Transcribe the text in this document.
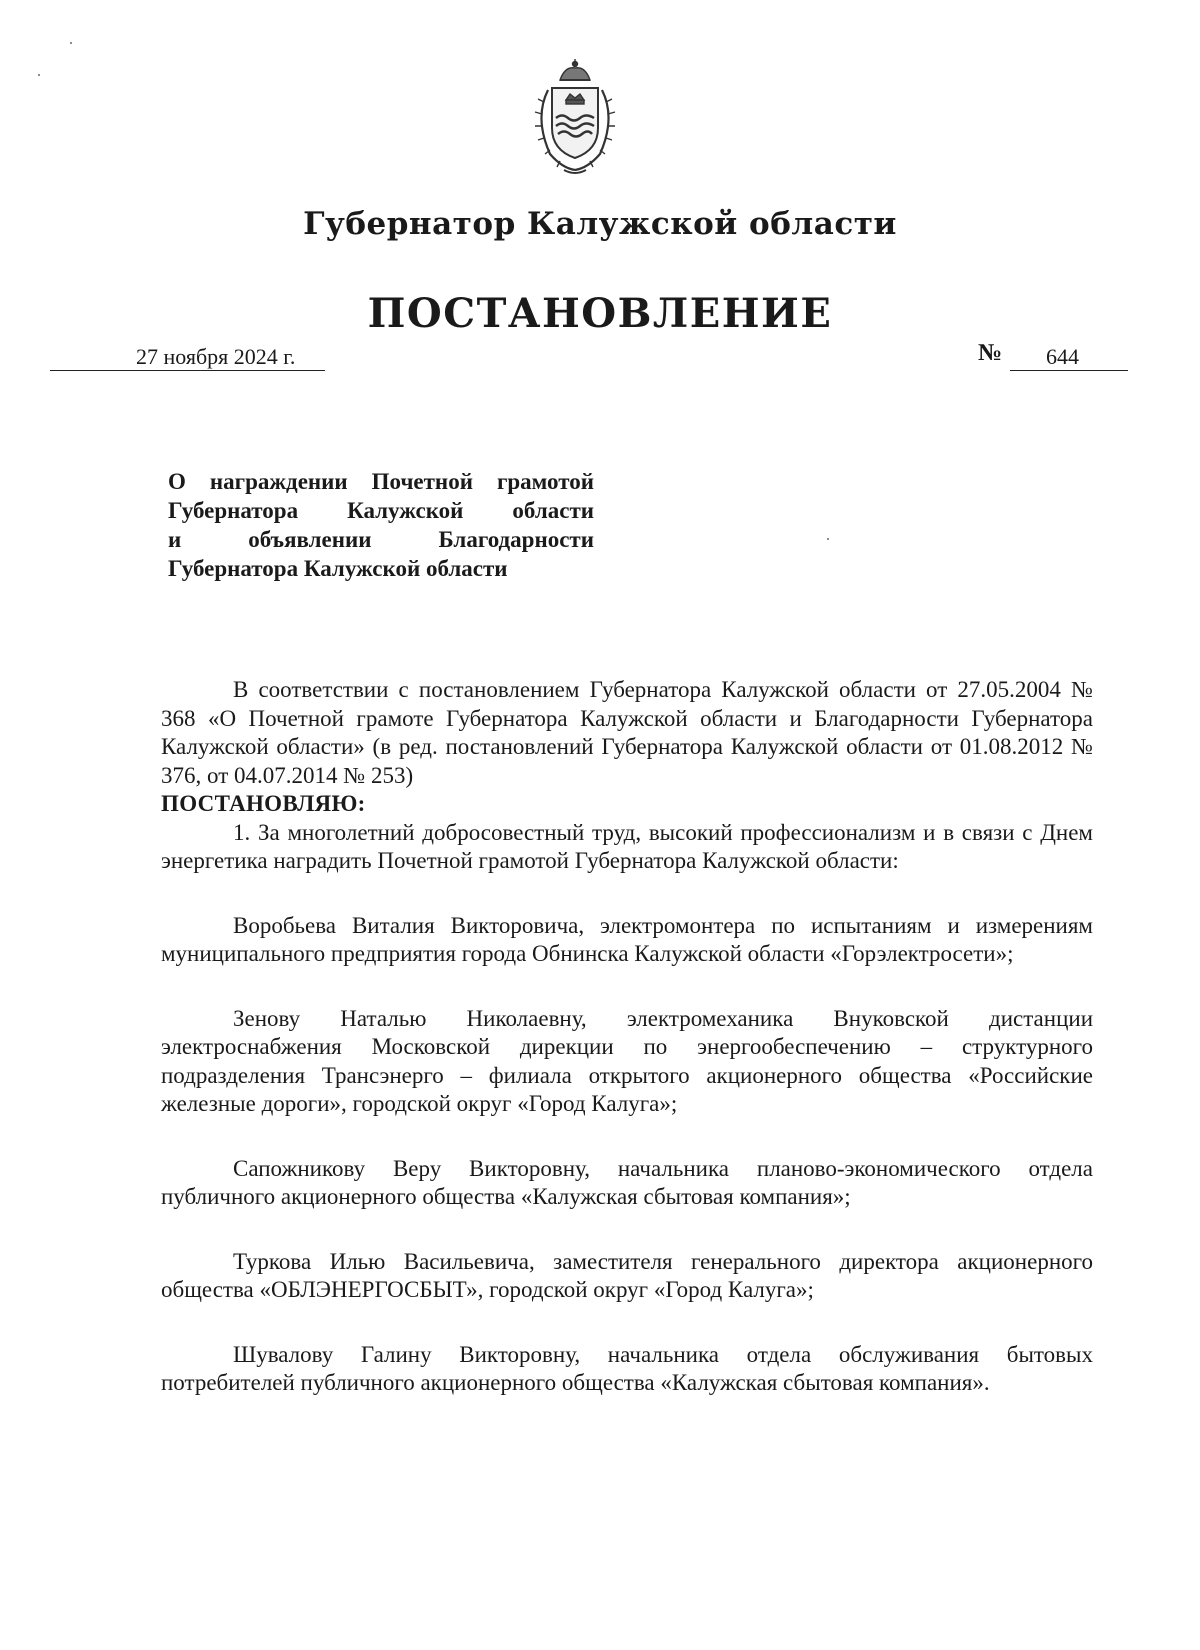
Губернатор Калужской области
ПОСТАНОВЛЕНИЕ
27 ноября 2024 г.	№ 644
О награждении Почетной грамотой
Губернатора Калужской области
и объявлении Благодарности
Губернатора Калужской области

В соответствии с постановлением Губернатора Калужской области от 27.05.2004 № 368 «О Почетной грамоте Губернатора Калужской области и Благодарности Губернатора Калужской области» (в ред. постановлений Губернатора Калужской области от 01.08.2012 № 376, от 04.07.2014 № 253)

ПОСТАНОВЛЯЮ:

1. За многолетний добросовестный труд, высокий профессионализм и в связи с Днем энергетика наградить Почетной грамотой Губернатора Калужской области:

Воробьева Виталия Викторовича, электромонтера по испытаниям и измерениям муниципального предприятия города Обнинска Калужской области «Горэлектросети»;

Зенову Наталью Николаевну, электромеханика Внуковской дистанции электроснабжения Московской дирекции по энергообеспечению – структурного подразделения Трансэнерго – филиала открытого акционерного общества «Российские железные дороги», городской округ «Город Калуга»;

Сапожникову Веру Викторовну, начальника планово-экономического отдела публичного акционерного общества «Калужская сбытовая компания»;

Туркова Илью Васильевича, заместителя генерального директора акционерного общества «ОБЛЭНЕРГОСБЫТ», городской округ «Город Калуга»;

Шувалову Галину Викторовну, начальника отдела обслуживания бытовых потребителей публичного акционерного общества «Калужская сбытовая компания».
